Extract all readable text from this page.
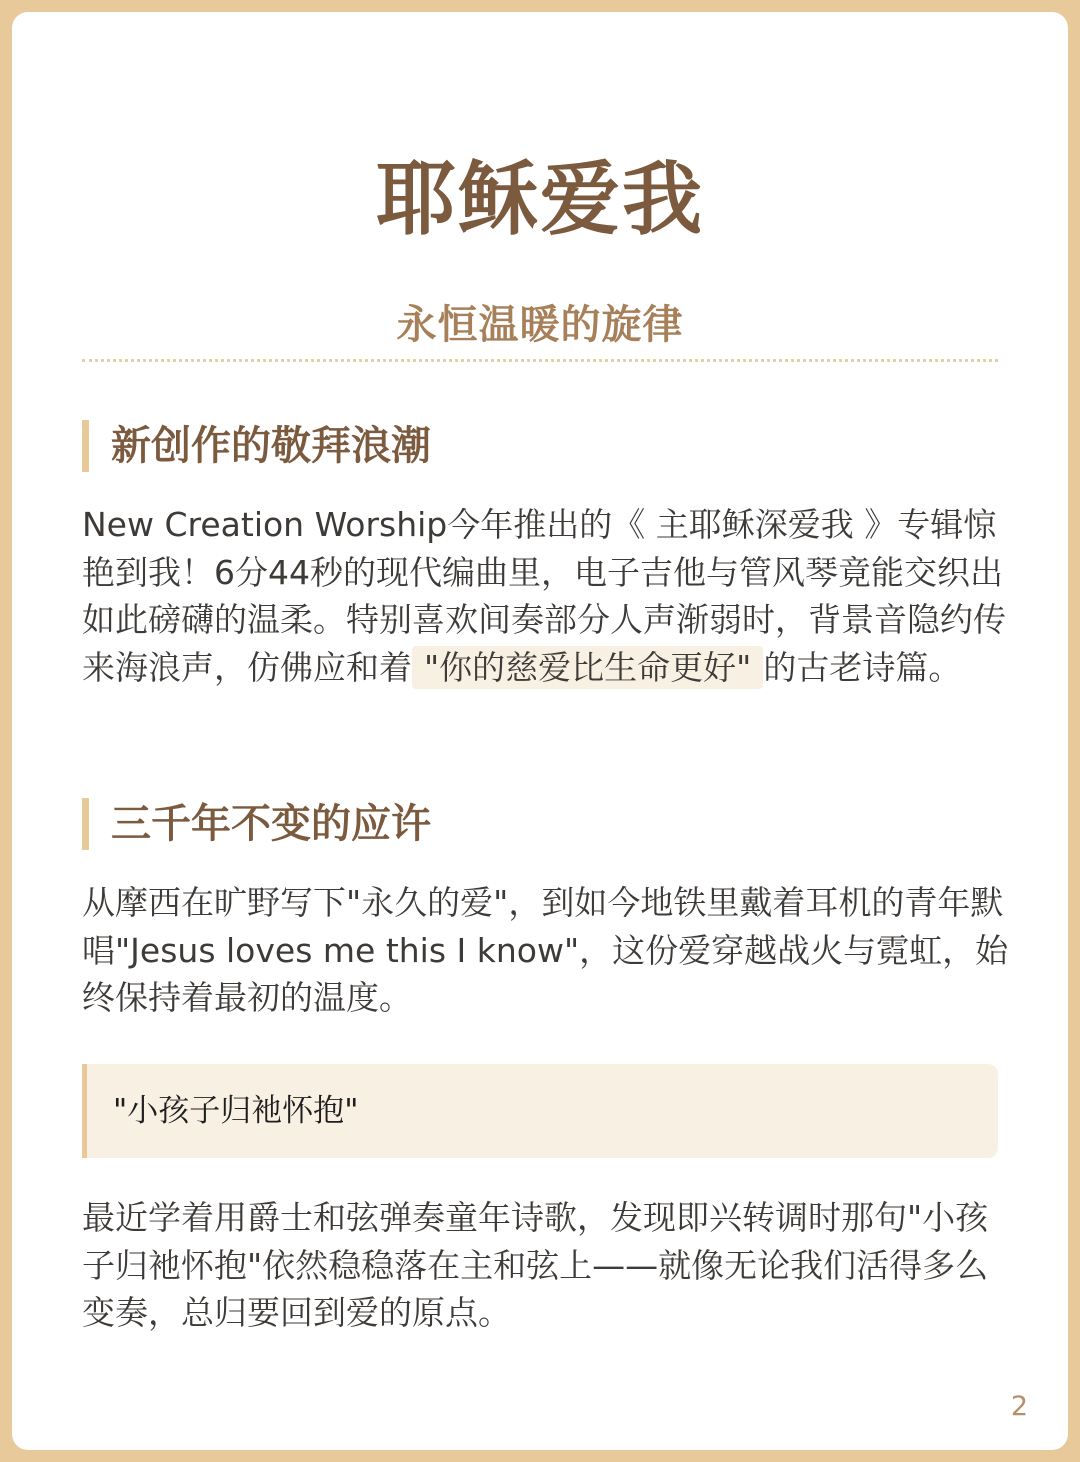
耶稣爱我
永恒温暖的旋律
新创作的敬拜浪潮
New Creation Worship今年推出的《 主耶稣深爱我 》专辑惊艳到我！6分44秒的现代编曲里，电子吉他与管风琴竟能交织出如此磅礴的温柔。特别喜欢间奏部分人声渐弱时，背景音隐约传来海浪声，仿佛应和着 "你的慈爱比生命更好" 的古老诗篇。
三千年不变的应许
从摩西在旷野写下"永久的爱"，到如今地铁里戴着耳机的青年默唱"Jesus loves me this I know"，这份爱穿越战火与霓虹，始终保持着最初的温度。
"小孩子归衪怀抱"
最近学着用爵士和弦弹奏童年诗歌，发现即兴转调时那句"小孩子归衪怀抱"依然稳稳落在主和弦上——就像无论我们活得多么变奏，总归要回到爱的原点。
2
